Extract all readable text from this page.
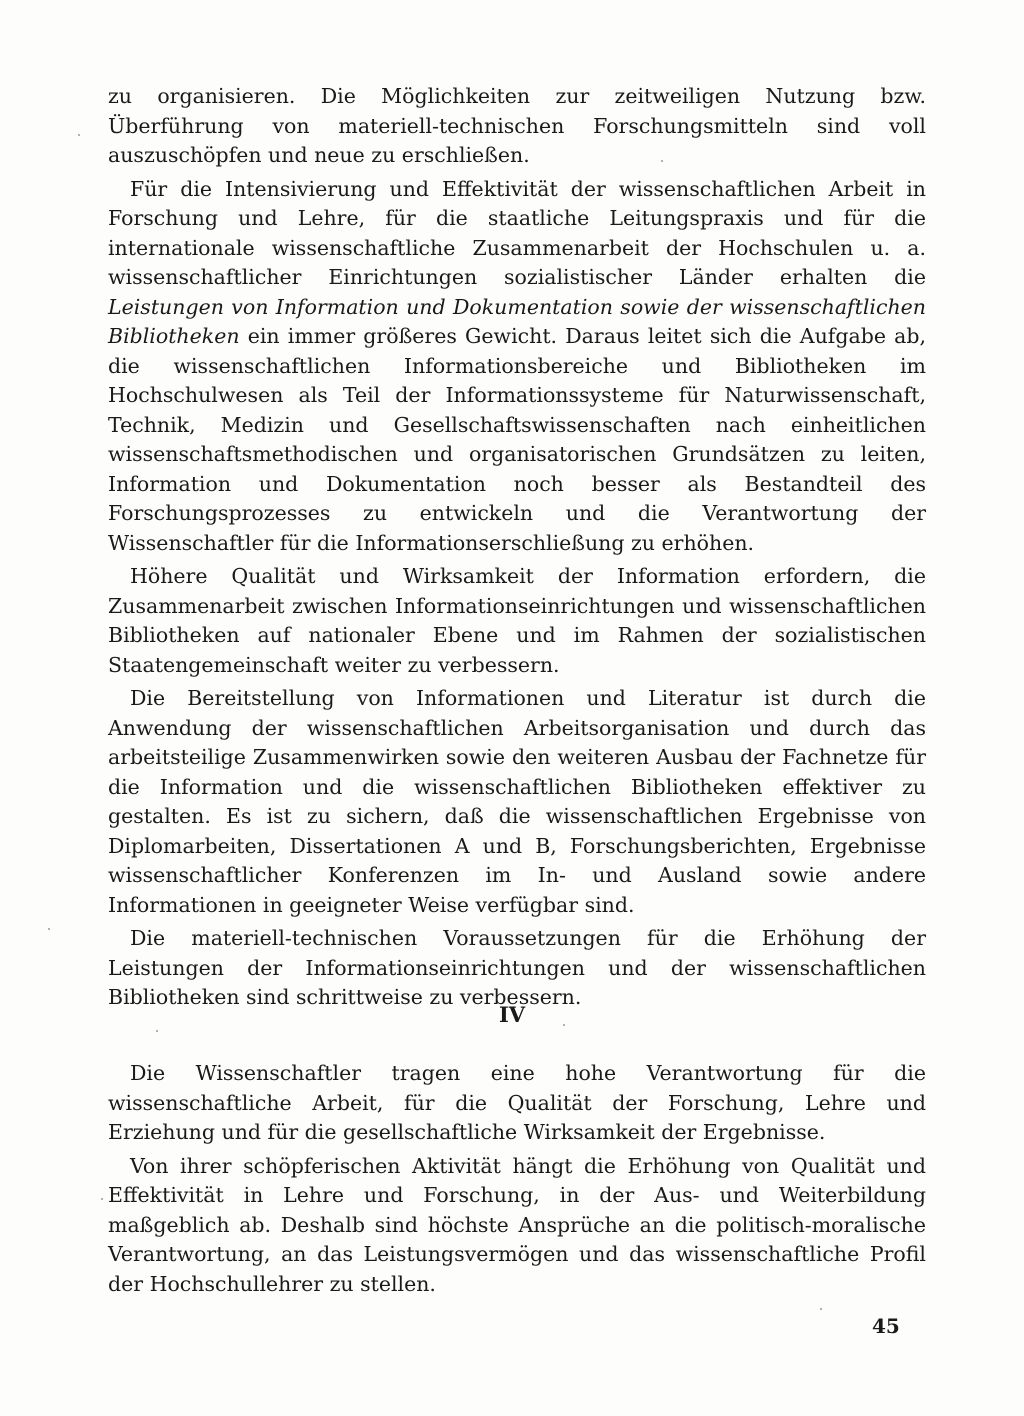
zu organisieren. Die Möglichkeiten zur zeitweiligen Nutzung bzw. Überführung von materiell-technischen Forschungsmitteln sind voll auszuschöpfen und neue zu erschließen.

Für die Intensivierung und Effektivität der wissenschaftlichen Arbeit in Forschung und Lehre, für die staatliche Leitungspraxis und für die internationale wissenschaftliche Zusammenarbeit der Hochschulen u. a. wissenschaftlicher Einrichtungen sozialistischer Länder erhalten die Leistungen von Information und Dokumentation sowie der wissenschaftlichen Bibliotheken ein immer größeres Gewicht. Daraus leitet sich die Aufgabe ab, die wissenschaftlichen Informationsbereiche und Bibliotheken im Hochschulwesen als Teil der Informationssysteme für Naturwissenschaft, Technik, Medizin und Gesellschaftswissenschaften nach einheitlichen wissenschaftsmethodischen und organisatorischen Grundsätzen zu leiten, Information und Dokumentation noch besser als Bestandteil des Forschungsprozesses zu entwickeln und die Verantwortung der Wissenschaftler für die Informationserschließung zu erhöhen.

Höhere Qualität und Wirksamkeit der Information erfordern, die Zusammenarbeit zwischen Informationseinrichtungen und wissenschaftlichen Bibliotheken auf nationaler Ebene und im Rahmen der sozialistischen Staatengemeinschaft weiter zu verbessern.

Die Bereitstellung von Informationen und Literatur ist durch die Anwendung der wissenschaftlichen Arbeitsorganisation und durch das arbeitsteilige Zusammenwirken sowie den weiteren Ausbau der Fachnetze für die Information und die wissenschaftlichen Bibliotheken effektiver zu gestalten. Es ist zu sichern, daß die wissenschaftlichen Ergebnisse von Diplomarbeiten, Dissertationen A und B, Forschungsberichten, Ergebnisse wissenschaftlicher Konferenzen im In- und Ausland sowie andere Informationen in geeigneter Weise verfügbar sind.

Die materiell-technischen Voraussetzungen für die Erhöhung der Leistungen der Informationseinrichtungen und der wissenschaftlichen Bibliotheken sind schrittweise zu verbessern.

IV

Die Wissenschaftler tragen eine hohe Verantwortung für die wissenschaftliche Arbeit, für die Qualität der Forschung, Lehre und Erziehung und für die gesellschaftliche Wirksamkeit der Ergebnisse.

Von ihrer schöpferischen Aktivität hängt die Erhöhung von Qualität und Effektivität in Lehre und Forschung, in der Aus- und Weiterbildung maßgeblich ab. Deshalb sind höchste Ansprüche an die politisch-moralische Verantwortung, an das Leistungsvermögen und das wissenschaftliche Profil der Hochschullehrer zu stellen.

45
